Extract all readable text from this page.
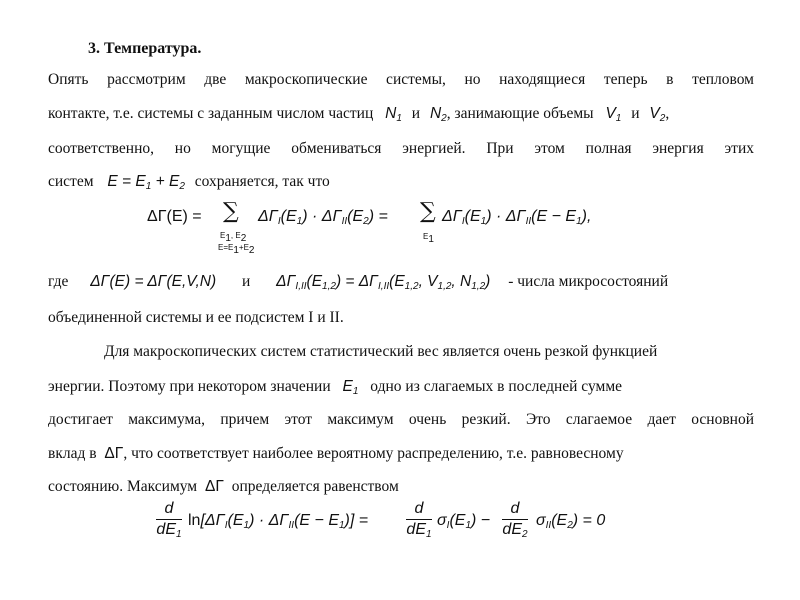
3. Температура.
Опять рассмотрим две макроскопические системы, но находящиеся теперь в тепловом
контакте, т.е. системы с заданным числом частиц $N_1$ и $N_2$, занимающие объемы $V_1$ и $V_2$,
соответственно, но могущие обмениваться энергией. При этом полная энергия этих
систем $E = E_1 + E_2$ сохраняется, так что
ΔΓ(E) = ∑
$E_1$, $E_2$
$E=E_1+E_2$
$\Delta\Gamma_I(E_1) \cdot \Delta\Gamma_{II}(E_2)$ = ∑
$E_1$
$\Delta\Gamma_I(E_1) \cdot \Delta\Gamma_{II}(E - E_1)$,
где ΔΓ(E) = ΔΓ(E,V,N) и $\Delta\Gamma_{I,II}(E_{1,2}) = \Delta\Gamma_{I,II}(E_{1,2}$, $V_{1,2}$, $N_{1,2}$) - числа микросостояний
объединенной системы и ее подсистем I и II.
Для макроскопических систем статистический вес является очень резкой функцией
энергии. Поэтому при некотором значении $E_1$ одно из слагаемых в последней сумме
достигает максимума, причем этот максимум очень резкий. Это слагаемое дает основной
вклад в ΔΓ, что соответствует наиболее вероятному распределению, т.е. равновесному
состоянию. Максимум ΔΓ определяется равенством
d
$dE_1$
$\ln[\Delta\Gamma_I(E_1) \cdot \Delta\Gamma_{II}(E - E_1)]$ =
d
$dE_1$
$\sigma_I(E_1)$ −
d
$dE_2$
$\sigma_{II}(E_2) = 0$
